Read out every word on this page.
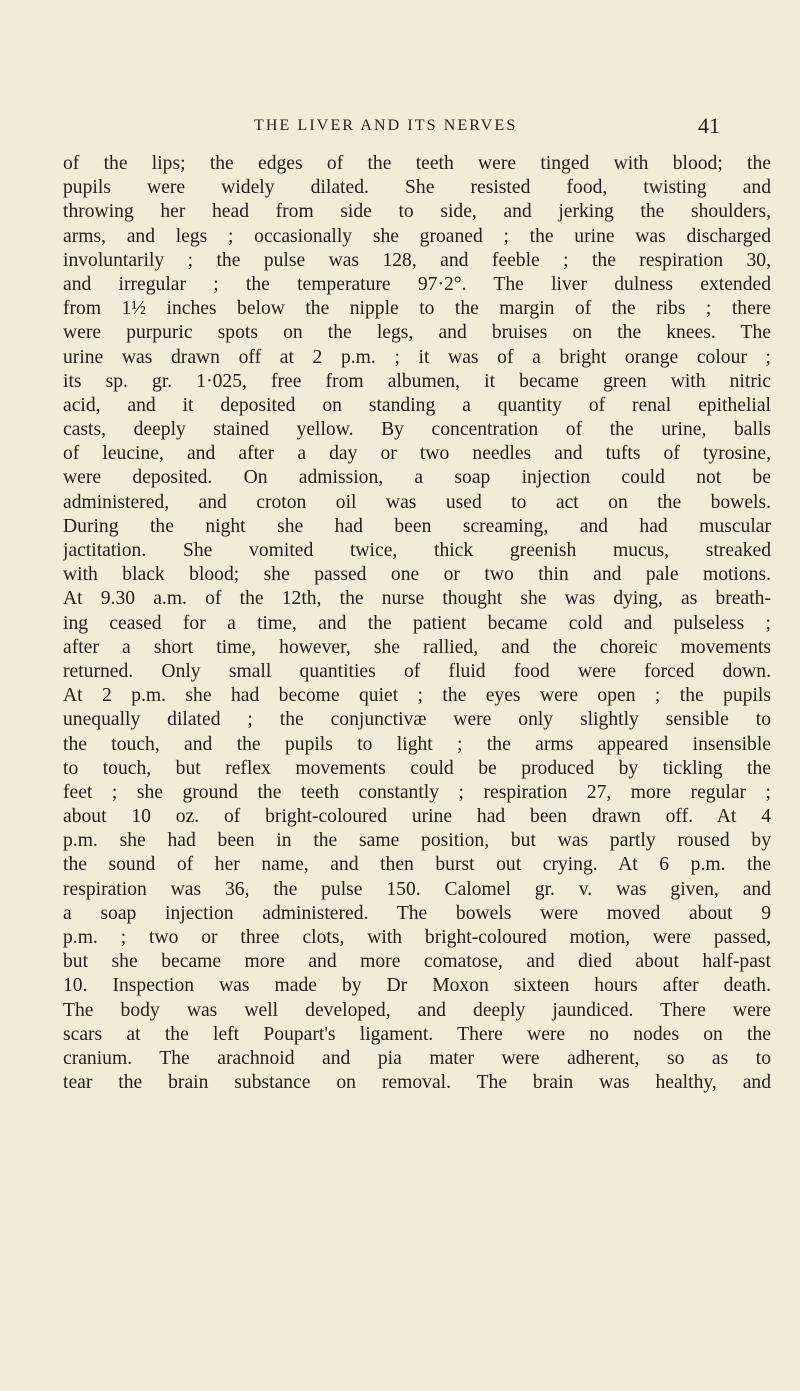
THE LIVER AND ITS NERVES	41
of the lips; the edges of the teeth were tinged with blood; the
pupils were widely dilated. She resisted food, twisting and
throwing her head from side to side, and jerking the shoulders,
arms, and legs ; occasionally she groaned ; the urine was discharged
involuntarily ; the pulse was 128, and feeble ; the respiration 30,
and irregular ; the temperature 97·2°. The liver dulness extended
from 1½ inches below the nipple to the margin of the ribs ; there
were purpuric spots on the legs, and bruises on the knees. The
urine was drawn off at 2 p.m. ; it was of a bright orange colour ;
its sp. gr. 1·025, free from albumen, it became green with nitric
acid, and it deposited on standing a quantity of renal epithelial
casts, deeply stained yellow. By concentration of the urine, balls
of leucine, and after a day or two needles and tufts of tyrosine,
were deposited. On admission, a soap injection could not be
administered, and croton oil was used to act on the bowels.
During the night she had been screaming, and had muscular
jactitation. She vomited twice, thick greenish mucus, streaked
with black blood; she passed one or two thin and pale motions.
At 9.30 a.m. of the 12th, the nurse thought she was dying, as breath-
ing ceased for a time, and the patient became cold and pulseless ;
after a short time, however, she rallied, and the choreic movements
returned. Only small quantities of fluid food were forced down.
At 2 p.m. she had become quiet ; the eyes were open ; the pupils
unequally dilated ; the conjunctivæ were only slightly sensible to
the touch, and the pupils to light ; the arms appeared insensible
to touch, but reflex movements could be produced by tickling the
feet ; she ground the teeth constantly ; respiration 27, more regular ;
about 10 oz. of bright-coloured urine had been drawn off. At 4
p.m. she had been in the same position, but was partly roused by
the sound of her name, and then burst out crying. At 6 p.m. the
respiration was 36, the pulse 150. Calomel gr. v. was given, and
a soap injection administered. The bowels were moved about 9
p.m. ; two or three clots, with bright-coloured motion, were passed,
but she became more and more comatose, and died about half-past
10. Inspection was made by Dr Moxon sixteen hours after death.
The body was well developed, and deeply jaundiced. There were
scars at the left Poupart's ligament. There were no nodes on the
cranium. The arachnoid and pia mater were adherent, so as to
tear the brain substance on removal. The brain was healthy, and
